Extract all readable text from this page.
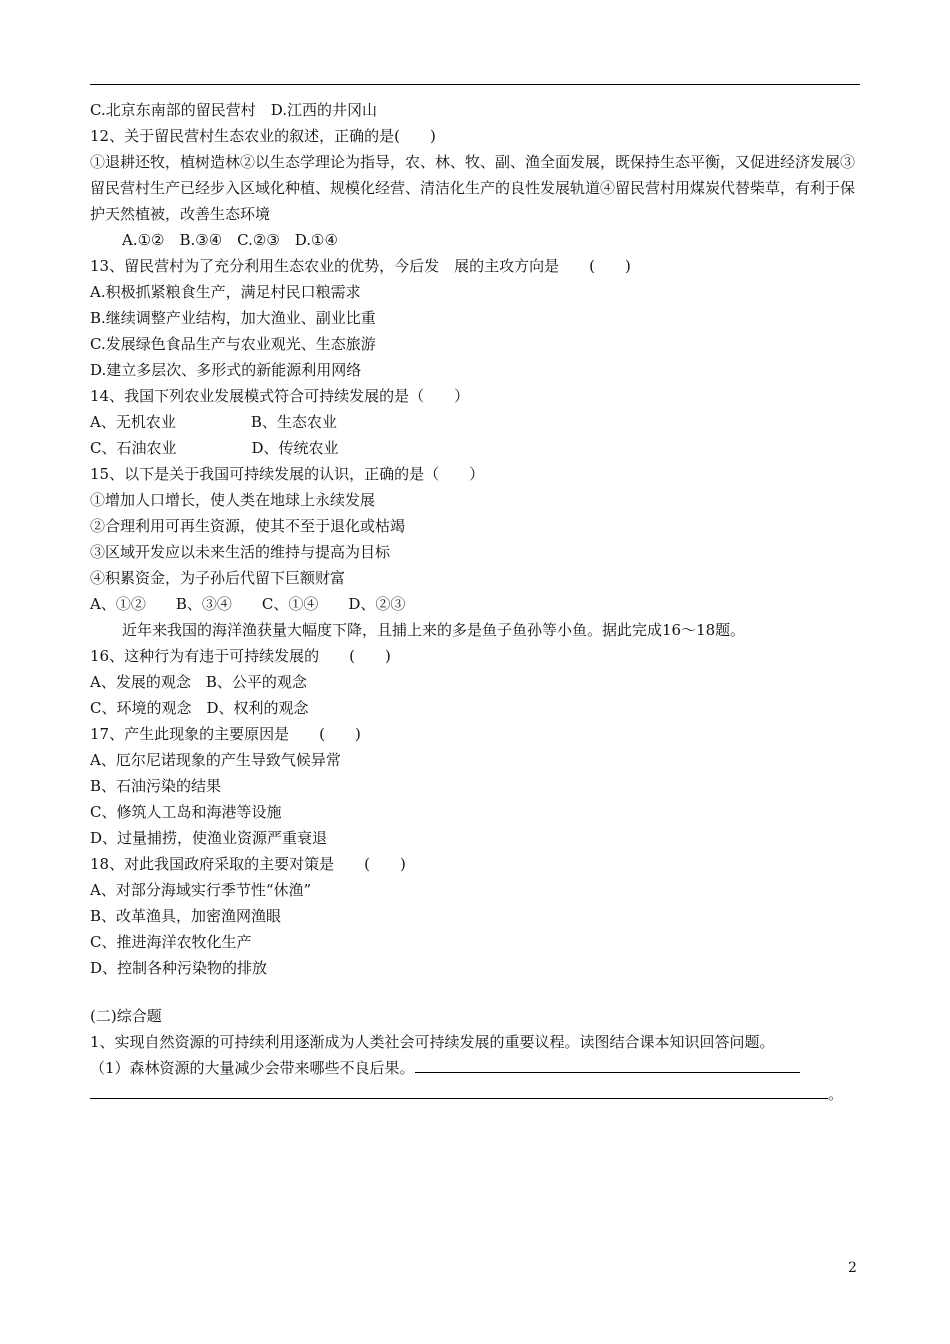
C.北京东南部的留民营村　D.江西的井冈山
12、关于留民营村生态农业的叙述，正确的是(　　)
①退耕还牧，植树造林②以生态学理论为指导，农、林、牧、副、渔全面发展，既保持生态平衡，又促进经济发展③留民营村生产已经步入区域化种植、规模化经营、清洁化生产的良性发展轨道④留民营村用煤炭代替柴草，有利于保护天然植被，改善生态环境
A.①②　B.③④　C.②③　D.①④
13、留民营村为了充分利用生态农业的优势，今后发　展的主攻方向是　　(　　)
A.积极抓紧粮食生产，满足村民口粮需求
B.继续调整产业结构，加大渔业、副业比重
C.发展绿色食品生产与农业观光、生态旅游
D.建立多层次、多形式的新能源利用网络
14、我国下列农业发展模式符合可持续发展的是（　　）
A、无机农业　　　　　B、生态农业
C、石油农业　　　　　D、传统农业
15、以下是关于我国可持续发展的认识，正确的是（　　）
①增加人口增长，使人类在地球上永续发展
②合理利用可再生资源，使其不至于退化或枯竭
③区域开发应以未来生活的维持与提高为目标
④积累资金，为子孙后代留下巨额财富
A、①②　　B、③④　　C、①④　　D、②③
近年来我国的海洋渔获量大幅度下降，且捕上来的多是鱼子鱼孙等小鱼。据此完成16～18题。
16、这种行为有违于可持续发展的　　(　　)
A、发展的观念　B、公平的观念
C、环境的观念　D、权利的观念
17、产生此现象的主要原因是　　(　　)
A、厄尔尼诺现象的产生导致气候异常
B、石油污染的结果
C、修筑人工岛和海港等设施
D、过量捕捞，使渔业资源严重衰退
18、对此我国政府采取的主要对策是　　(　　)
A、对部分海域实行季节性“休渔”
B、改革渔具，加密渔网渔眼
C、推进海洋农牧化生产
D、控制各种污染物的排放
(二)综合题
1、实现自然资源的可持续利用逐渐成为人类社会可持续发展的重要议程。读图结合课本知识回答问题。
（1）森林资源的大量减少会带来哪些不良后果。
。
2
